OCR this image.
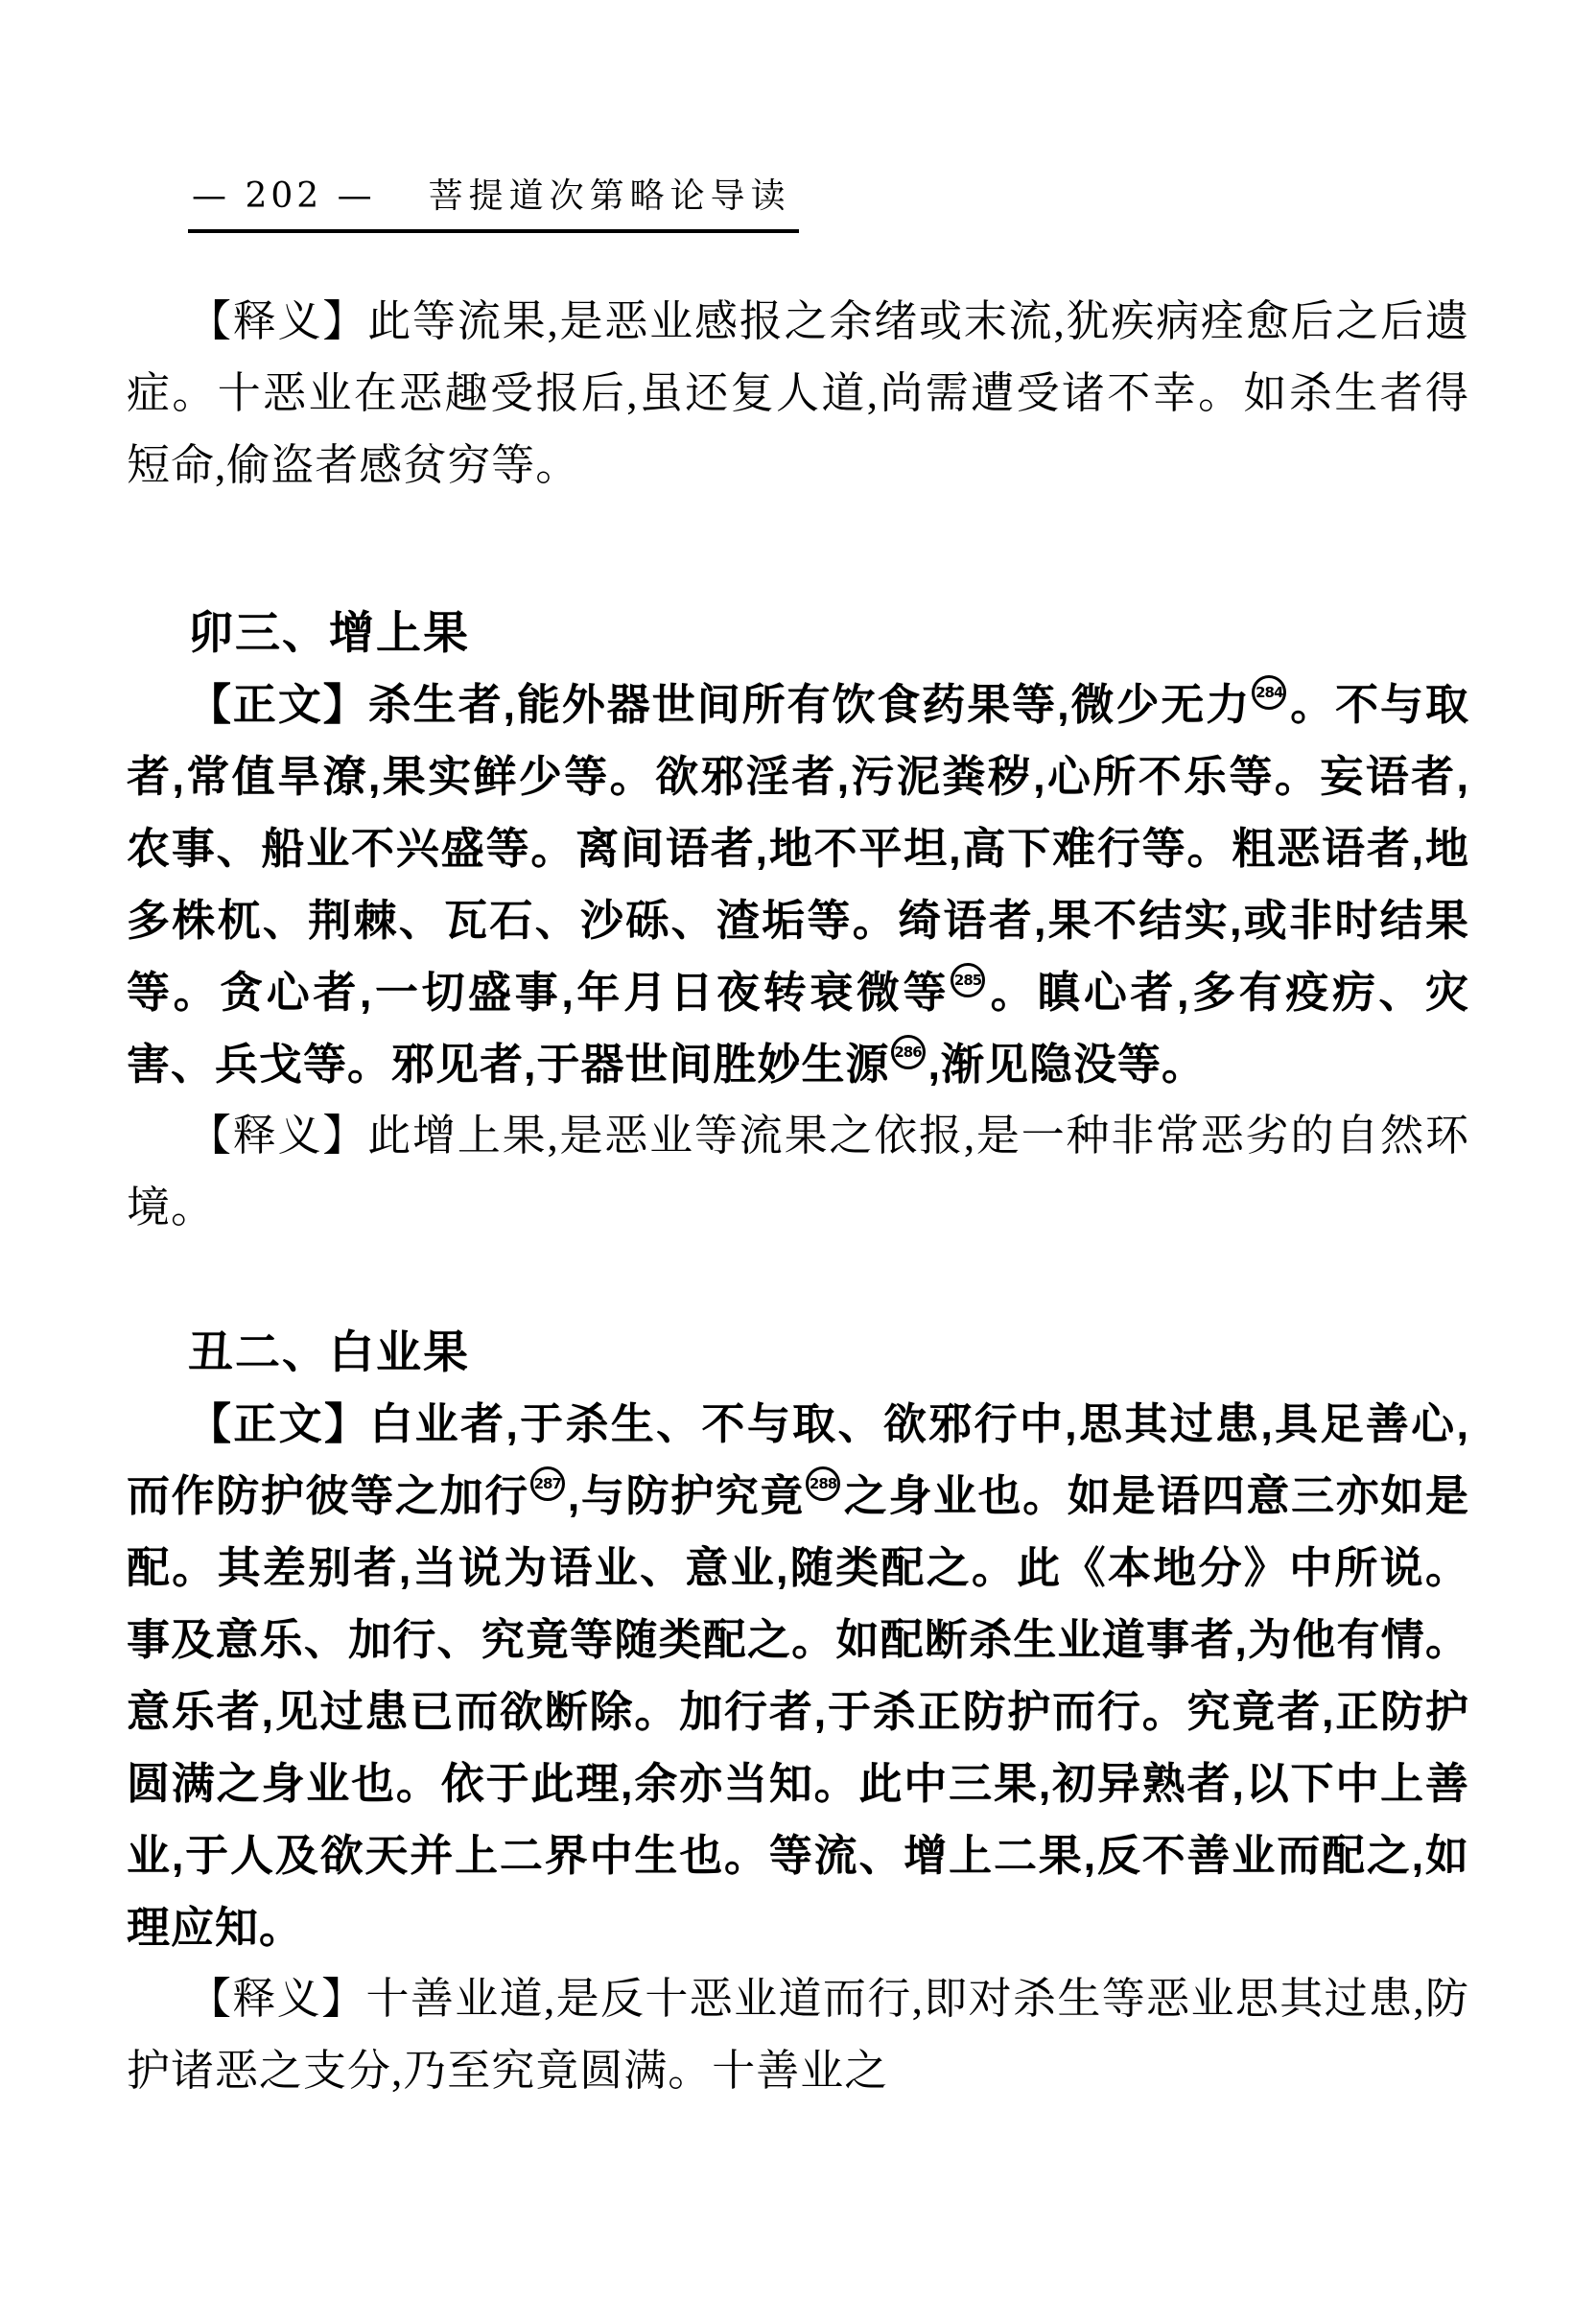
— 202 — 菩提道次第略论导读

【释义】此等流果,是恶业感报之余绪或末流,犹疾病痊愈后之后遗症。十恶业在恶趣受报后,虽还复人道,尚需遭受诸不幸。如杀生者得短命,偷盗者感贫穷等。

卯三、增上果

【正文】杀生者,能外器世间所有饮食药果等,微少无力 284 。不与取者,常值旱潦,果实鲜少等。欲邪淫者,污泥粪秽,心所不乐等。妄语者,农事、船业不兴盛等。离间语者,地不平坦,高下难行等。粗恶语者,地多株杌、荆棘、瓦石、沙砾、渣垢等。绮语者,果不结实,或非时结果等。贪心者,一切盛事,年月日夜转衰微等 285 。瞋心者,多有疫疠、灾害、兵戈等。邪见者,于器世间胜妙生源 286 ,渐见隐没等。

【释义】此增上果,是恶业等流果之依报,是一种非常恶劣的自然环境。

丑二、白业果

【正文】白业者,于杀生、不与取、欲邪行中,思其过患,具足善心,而作防护彼等之加行 287 ,与防护究竟 288 之身业也。如是语四意三亦如是配。其差别者,当说为语业、意业,随类配之。此《本地分》中所说。事及意乐、加行、究竟等随类配之。如配断杀生业道事者,为他有情。意乐者,见过患已而欲断除。加行者,于杀正防护而行。究竟者,正防护圆满之身业也。依于此理,余亦当知。此中三果,初异熟者,以下中上善业,于人及欲天并上二界中生也。等流、增上二果,反不善业而配之,如理应知。

【释义】十善业道,是反十恶业道而行,即对杀生等恶业思其过患,防护诸恶之支分,乃至究竟圆满。十善业之
